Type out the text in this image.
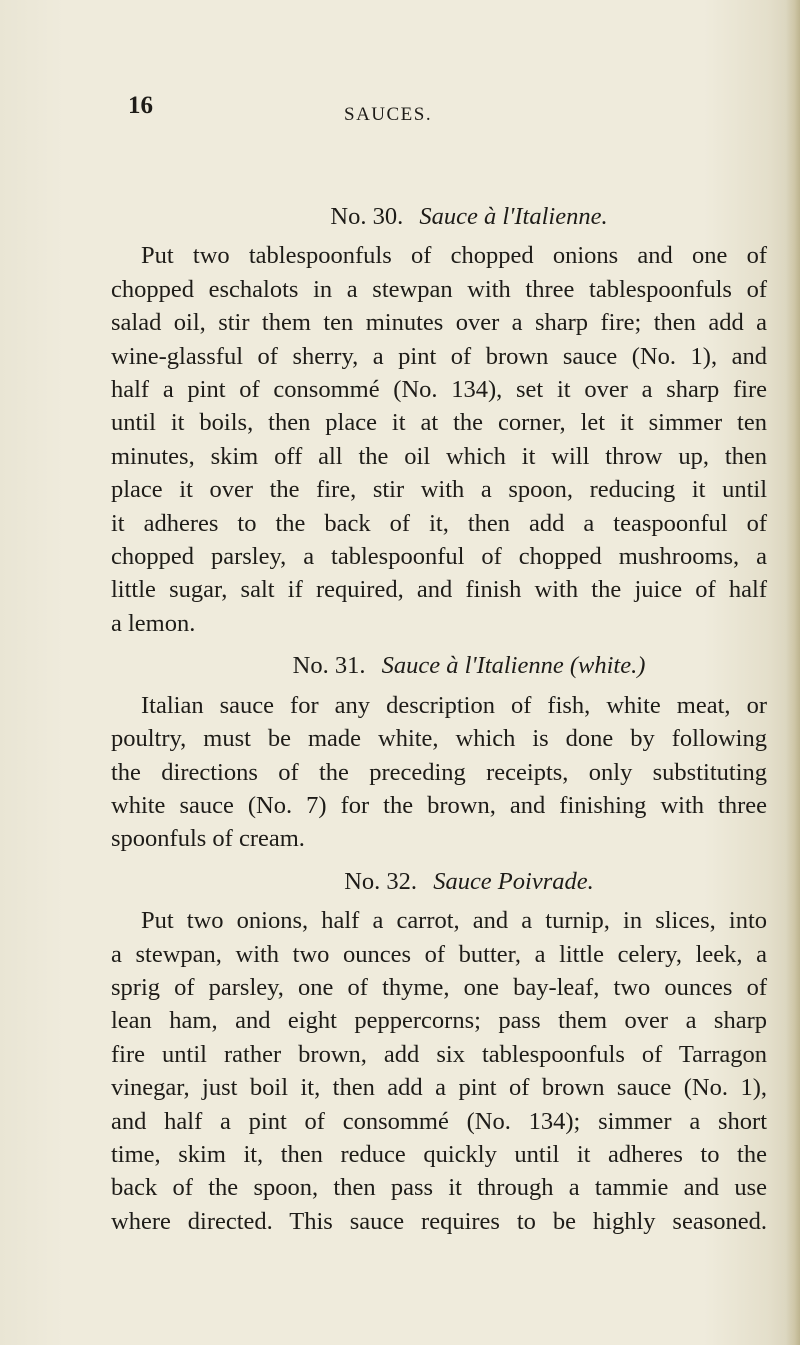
16	SAUCES.

No. 30. Sauce à l'Italienne.

Put two tablespoonfuls of chopped onions and one of
chopped eschalots in a stewpan with three tablespoonfuls of
salad oil, stir them ten minutes over a sharp fire; then add a
wine-glassful of sherry, a pint of brown sauce (No. 1), and
half a pint of consommé (No. 134), set it over a sharp fire
until it boils, then place it at the corner, let it simmer ten
minutes, skim off all the oil which it will throw up, then
place it over the fire, stir with a spoon, reducing it until
it adheres to the back of it, then add a teaspoonful of
chopped parsley, a tablespoonful of chopped mushrooms, a
little sugar, salt if required, and finish with the juice of half
a lemon.

No. 31. Sauce à l'Italienne (white.)

Italian sauce for any description of fish, white meat, or
poultry, must be made white, which is done by following
the directions of the preceding receipts, only substituting
white sauce (No. 7) for the brown, and finishing with three
spoonfuls of cream.

No. 32. Sauce Poivrade.

Put two onions, half a carrot, and a turnip, in slices, into
a stewpan, with two ounces of butter, a little celery, leek, a
sprig of parsley, one of thyme, one bay-leaf, two ounces of
lean ham, and eight peppercorns; pass them over a sharp
fire until rather brown, add six tablespoonfuls of Tarragon
vinegar, just boil it, then add a pint of brown sauce (No. 1),
and half a pint of consommé (No. 134); simmer a short
time, skim it, then reduce quickly until it adheres to the
back of the spoon, then pass it through a tammie and use
where directed. This sauce requires to be highly seasoned.
